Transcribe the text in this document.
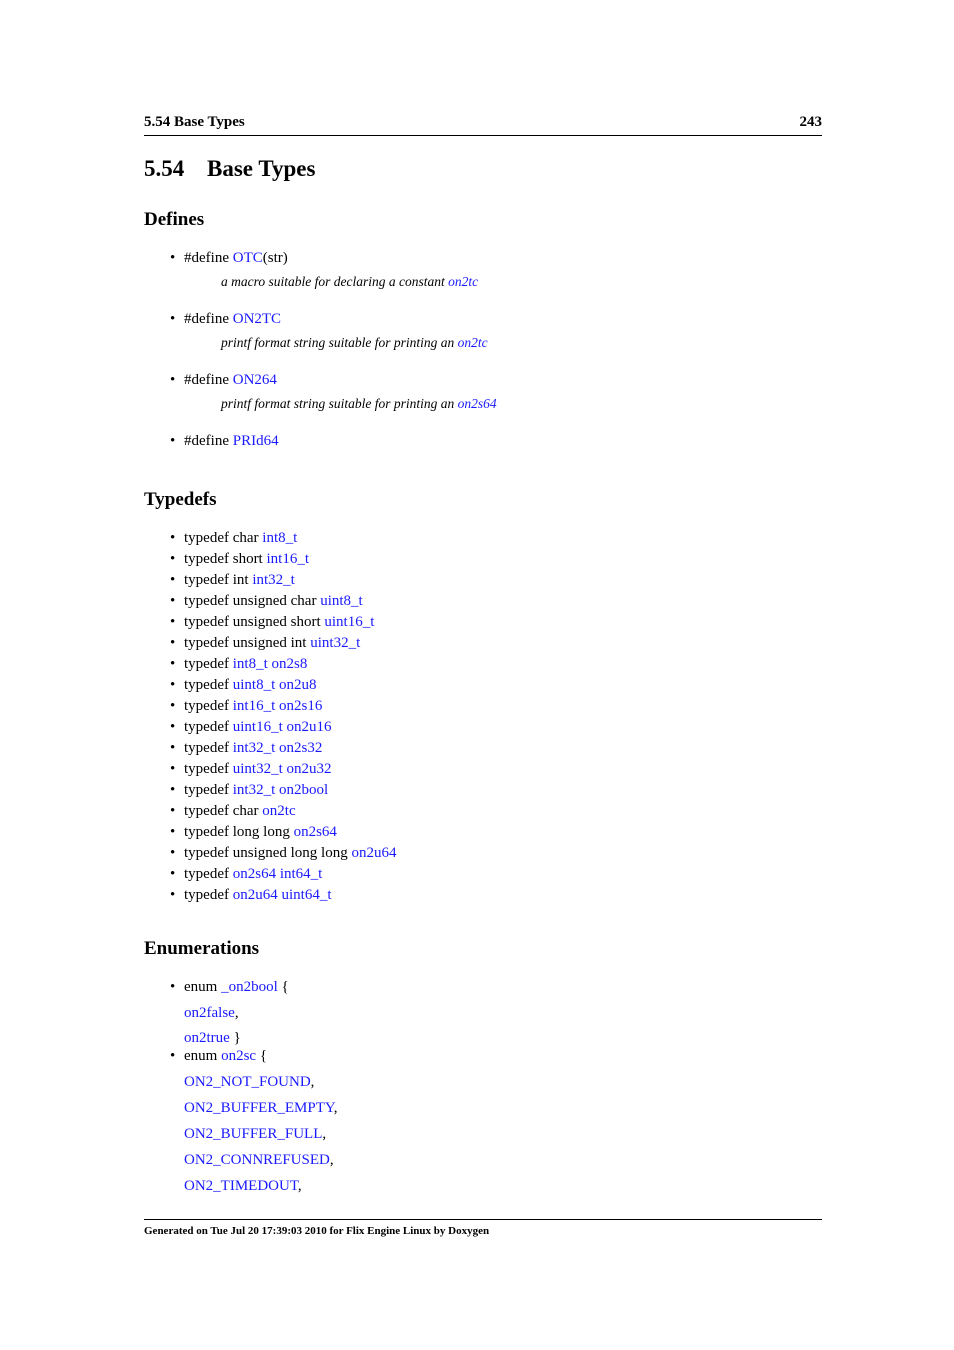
5.54 Base Types	243
5.54 Base Types
Defines
• #define OTC(str)
a macro suitable for declaring a constant on2tc
• #define ON2TC
printf format string suitable for printing an on2tc
• #define ON264
printf format string suitable for printing an on2s64
• #define PRId64
Typedefs
• typedef char int8_t
• typedef short int16_t
• typedef int int32_t
• typedef unsigned char uint8_t
• typedef unsigned short uint16_t
• typedef unsigned int uint32_t
• typedef int8_t on2s8
• typedef uint8_t on2u8
• typedef int16_t on2s16
• typedef uint16_t on2u16
• typedef int32_t on2s32
• typedef uint32_t on2u32
• typedef int32_t on2bool
• typedef char on2tc
• typedef long long on2s64
• typedef unsigned long long on2u64
• typedef on2s64 int64_t
• typedef on2u64 uint64_t
Enumerations
• enum _on2bool {
on2false,
on2true }
• enum on2sc {
ON2_NOT_FOUND,
ON2_BUFFER_EMPTY,
ON2_BUFFER_FULL,
ON2_CONNREFUSED,
ON2_TIMEDOUT,
Generated on Tue Jul 20 17:39:03 2010 for Flix Engine Linux by Doxygen
